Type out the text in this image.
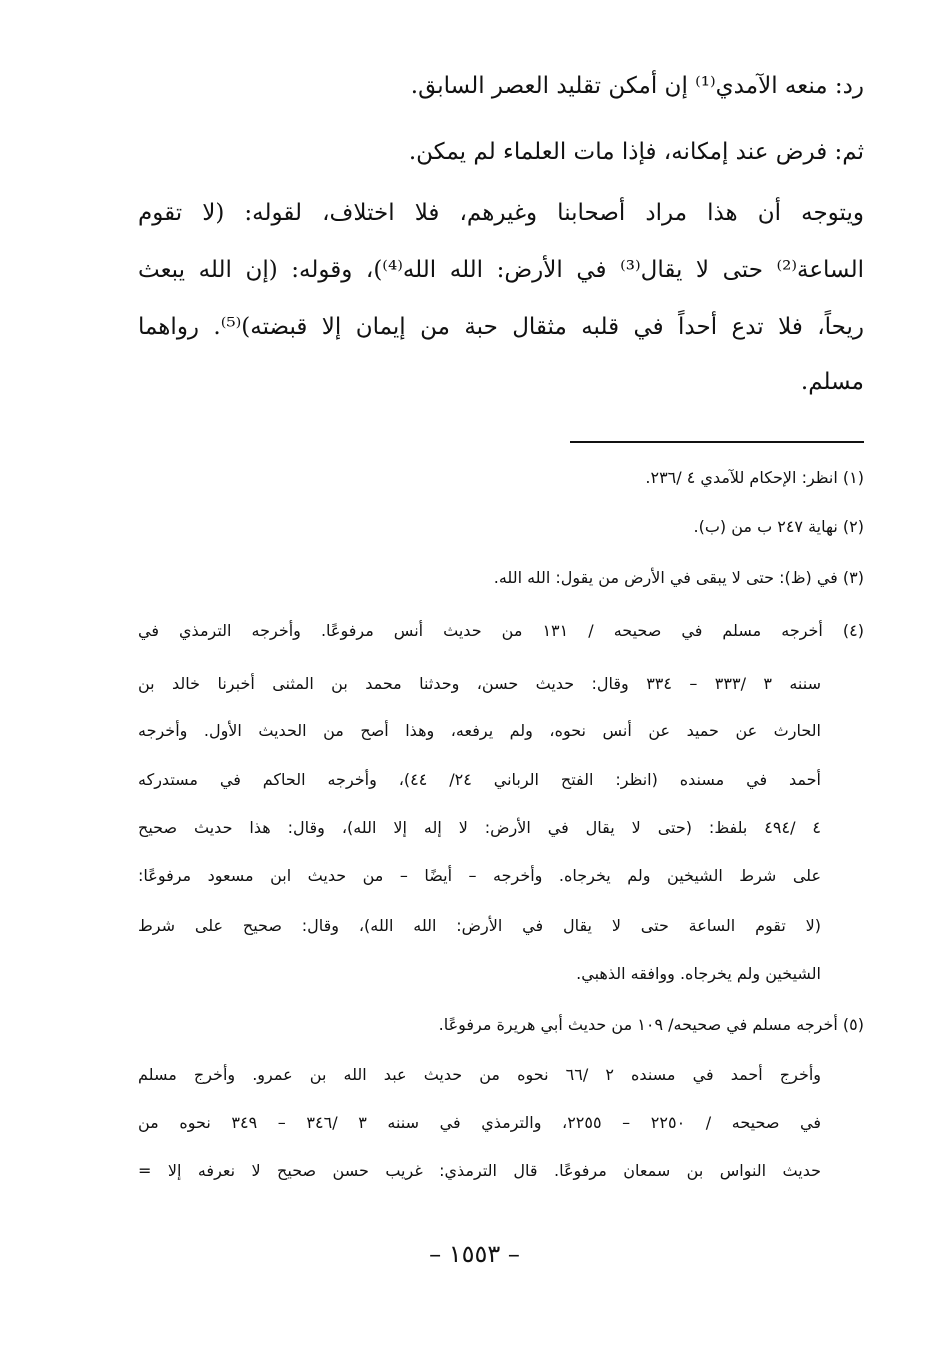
رد: منعه الآمدي⁽¹⁾ إن أمكن تقليد العصر السابق.
ثم: فرض عند إمكانه، فإذا مات العلماء لم يمكن.
ويتوجه أن هذا مراد أصحابنا وغيرهم، فلا اختلاف، لقوله: (لا تقوم
الساعة⁽²⁾ حتى لا يقال⁽³⁾ في الأرض: الله الله⁽⁴⁾)، وقوله: (إن الله يبعث
ريحاً، فلا تدع أحداً في قلبه مثقال حبة من إيمان إلا قبضته)⁽⁵⁾. رواهما
مسلم.
(١) انظر: الإحكام للآمدي ٤ /٢٣٦.
(٢) نهاية ٢٤٧ ب من (ب).
(٣) في (ظ): حتى لا يبقى في الأرض من يقول: الله الله.
(٤) أخرجه مسلم في صحيحه / ١٣١ من حديث أنس مرفوعًا. وأخرجه الترمذي في
سننه ٣ /٣٣٣ – ٣٣٤ وقال: حديث حسن، وحدثنا محمد بن المثنى أخبرنا خالد بن
الحارث عن حميد عن أنس نحوه، ولم يرفعه، وهذا أصح من الحديث الأول. وأخرجه
أحمد في مسنده (انظر: الفتح الرباني ٢٤/ ٤٤)، وأخرجه الحاكم في مستدركه
٤ /٤٩٤ بلفظ: (حتى لا يقال في الأرض: لا إله إلا الله)، وقال: هذا حديث صحيح
على شرط الشيخين ولم يخرجاه. وأخرجه – أيضًا – من حديث ابن مسعود مرفوعًا:
(لا تقوم الساعة حتى لا يقال في الأرض: الله الله)، وقال: صحيح على شرط
الشيخين ولم يخرجاه. ووافقه الذهبي.
(٥) أخرجه مسلم في صحيحه/ ١٠٩ من حديث أبي هريرة مرفوعًا.
وأخرج أحمد في مسنده ٢ /٦٦ نحوه من حديث عبد الله بن عمرو. وأخرج مسلم
في صحيحه / ٢٢٥٠ – ٢٢٥٥، والترمذي في سننه ٣ /٣٤٦ – ٣٤٩ نحوه من
حديث النواس بن سمعان مرفوعًا. قال الترمذي: غريب حسن صحيح لا نعرفه إلا =
– ١٥٥٣ –
